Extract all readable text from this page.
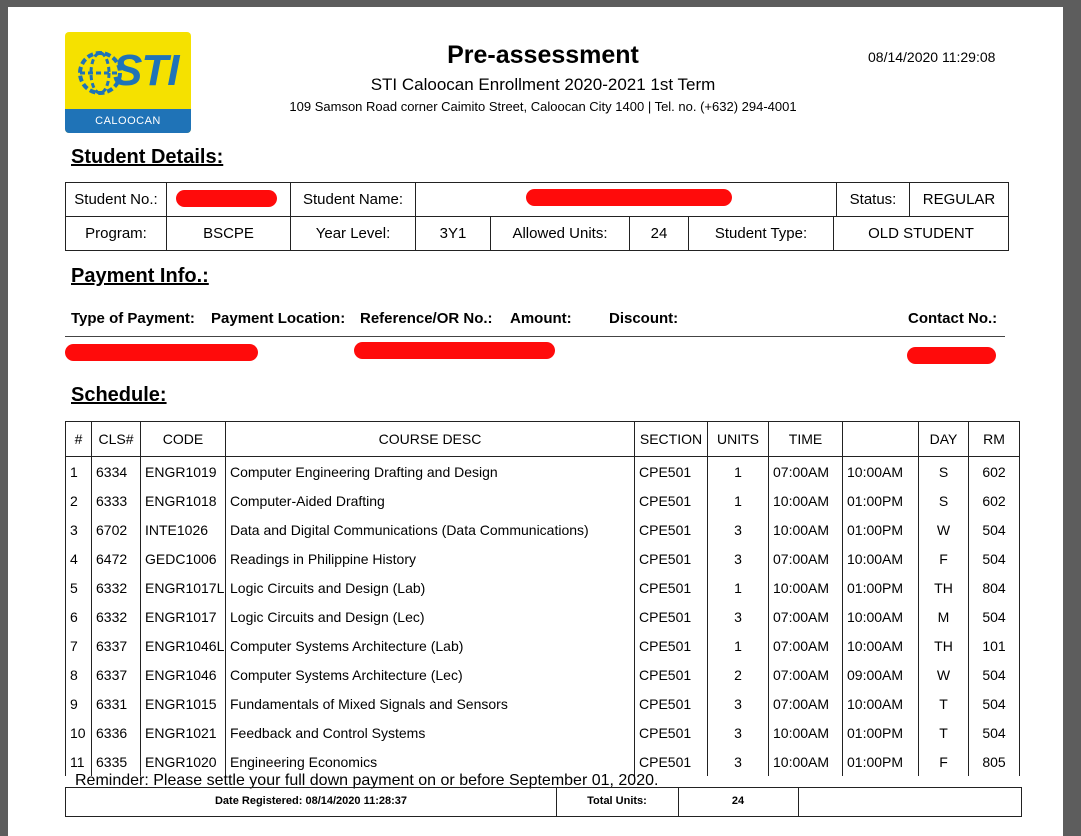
STI
CALOOCAN
Pre-assessment
STI Caloocan Enrollment 2020-2021 1st Term
109 Samson Road corner Caimito Street, Caloocan City 1400 | Tel. no. (+632) 294-4001
08/14/2020 11:29:08
Student Details:
Student No.:		Student Name:		Status:	REGULAR
Program:	BSCPE	Year Level:	3Y1	Allowed Units:	24	Student Type:	OLD STUDENT
Payment Info.:
Type of Payment: Payment Location: Reference/OR No.: Amount: Discount:	Contact No.:
Schedule:
#	CLS#	CODE	COURSE DESC	SECTION	UNITS	TIME		DAY	RM
1	6334	ENGR1019	Computer Engineering Drafting and Design	CPE501	1	07:00AM	10:00AM	S	602
2	6333	ENGR1018	Computer-Aided Drafting	CPE501	1	10:00AM	01:00PM	S	602
3	6702	INTE1026	Data and Digital Communications (Data Communications)	CPE501	3	10:00AM	01:00PM	W	504
4	6472	GEDC1006	Readings in Philippine History	CPE501	3	07:00AM	10:00AM	F	504
5	6332	ENGR1017L	Logic Circuits and Design (Lab)	CPE501	1	10:00AM	01:00PM	TH	804
6	6332	ENGR1017	Logic Circuits and Design (Lec)	CPE501	3	07:00AM	10:00AM	M	504
7	6337	ENGR1046L	Computer Systems Architecture (Lab)	CPE501	1	07:00AM	10:00AM	TH	101
8	6337	ENGR1046	Computer Systems Architecture (Lec)	CPE501	2	07:00AM	09:00AM	W	504
9	6331	ENGR1015	Fundamentals of Mixed Signals and Sensors	CPE501	3	07:00AM	10:00AM	T	504
10	6336	ENGR1021	Feedback and Control Systems	CPE501	3	10:00AM	01:00PM	T	504
11	6335	ENGR1020	Engineering Economics	CPE501	3	10:00AM	01:00PM	F	805
Reminder: Please settle your full down payment on or before September 01, 2020.
Date Registered: 08/14/2020 11:28:37	Total Units:	24
